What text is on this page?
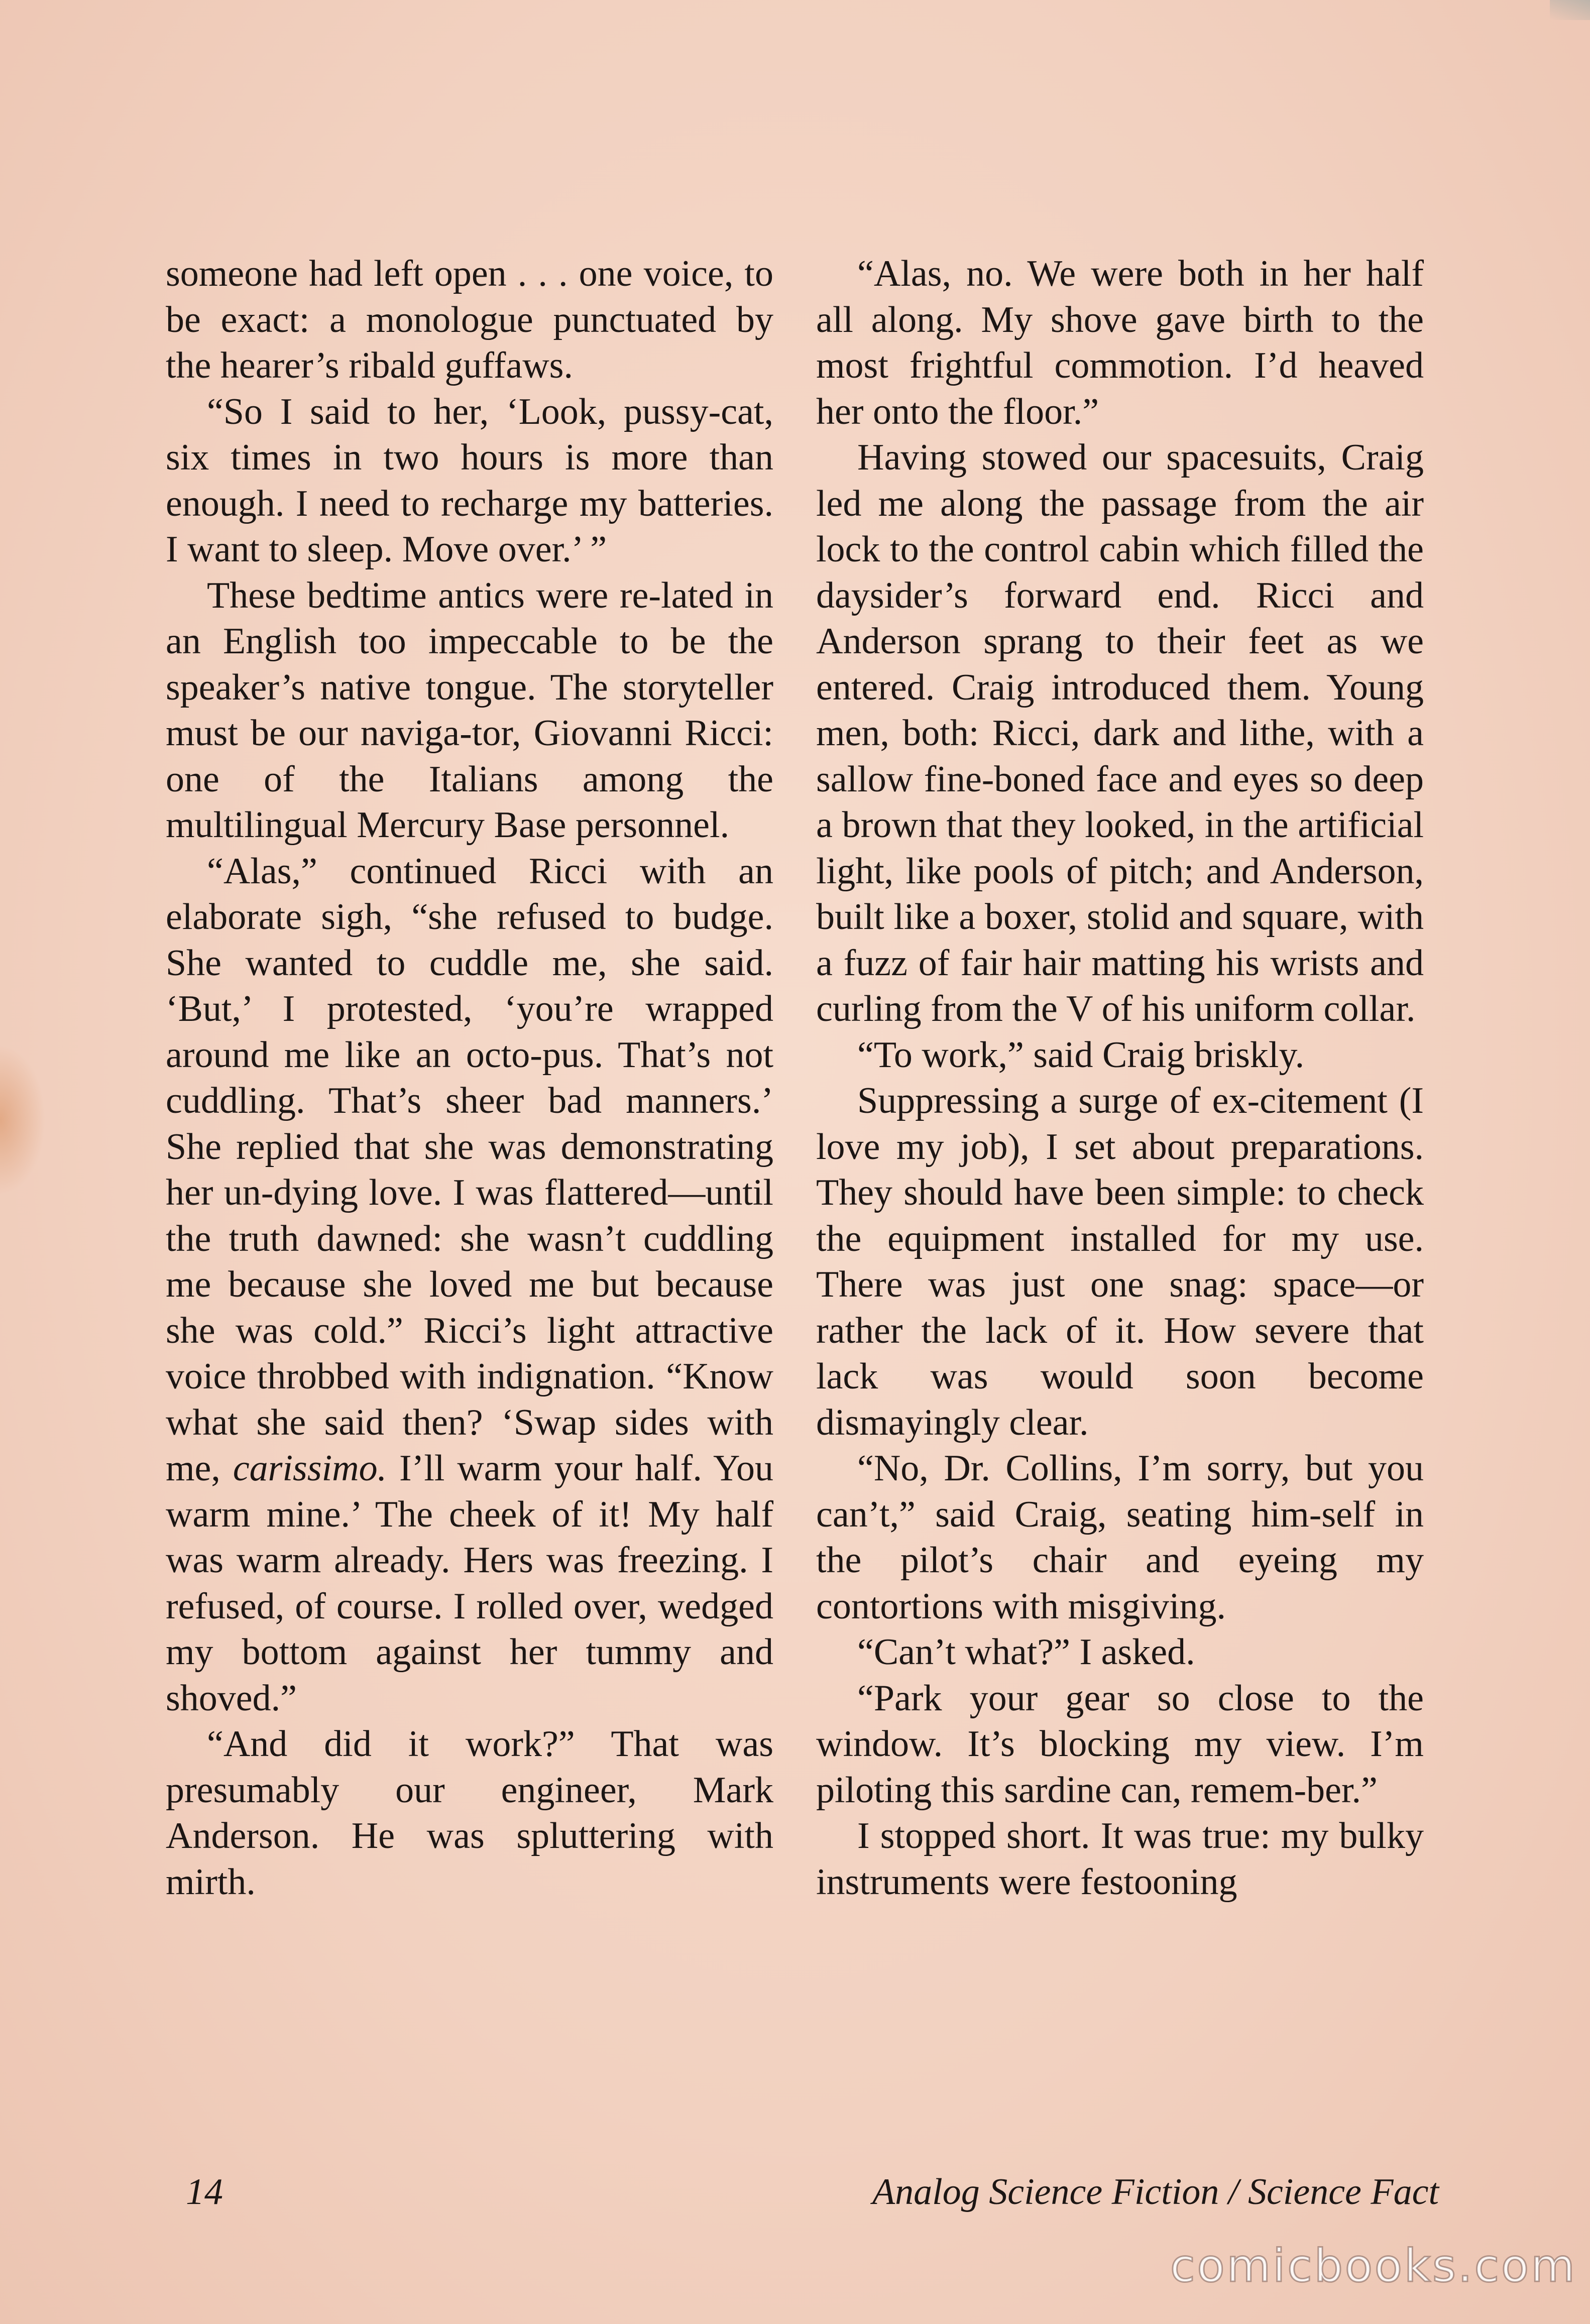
someone had left open . . . one voice, to be exact: a monologue punctuated by the hearer’s ribald guffaws.

“So I said to her, ‘Look, pussy-cat, six times in two hours is more than enough. I need to recharge my batteries. I want to sleep. Move over.’ ”

These bedtime antics were re-lated in an English too impeccable to be the speaker’s native tongue. The storyteller must be our naviga-tor, Giovanni Ricci: one of the Italians among the multilingual Mercury Base personnel.

“Alas,” continued Ricci with an elaborate sigh, “she refused to budge. She wanted to cuddle me, she said. ‘But,’ I protested, ‘you’re wrapped around me like an octo-pus. That’s not cuddling. That’s sheer bad manners.’ She replied that she was demonstrating her un-dying love. I was flattered—until the truth dawned: she wasn’t cuddling me because she loved me but because she was cold.” Ricci’s light attractive voice throbbed with indignation. “Know what she said then? ‘Swap sides with me, carissimo. I’ll warm your half. You warm mine.’ The cheek of it! My half was warm already. Hers was freezing. I refused, of course. I rolled over, wedged my bottom against her tummy and shoved.”

“And did it work?” That was presumably our engineer, Mark Anderson. He was spluttering with mirth.

“Alas, no. We were both in her half all along. My shove gave birth to the most frightful commotion. I’d heaved her onto the floor.”

Having stowed our spacesuits, Craig led me along the passage from the air lock to the control cabin which filled the daysider’s forward end. Ricci and Anderson sprang to their feet as we entered. Craig introduced them. Young men, both: Ricci, dark and lithe, with a sallow fine-boned face and eyes so deep a brown that they looked, in the artificial light, like pools of pitch; and Anderson, built like a boxer, stolid and square, with a fuzz of fair hair matting his wrists and curling from the V of his uniform collar.

“To work,” said Craig briskly.

Suppressing a surge of ex-citement (I love my job), I set about preparations. They should have been simple: to check the equipment installed for my use. There was just one snag: space—or rather the lack of it. How severe that lack was would soon become dismayingly clear.

“No, Dr. Collins, I’m sorry, but you can’t,” said Craig, seating him-self in the pilot’s chair and eyeing my contortions with misgiving.

“Can’t what?” I asked.

“Park your gear so close to the window. It’s blocking my view. I’m piloting this sardine can, remem-ber.”

I stopped short. It was true: my bulky instruments were festooning

14	Analog Science Fiction / Science Fact
comicbooks.com
